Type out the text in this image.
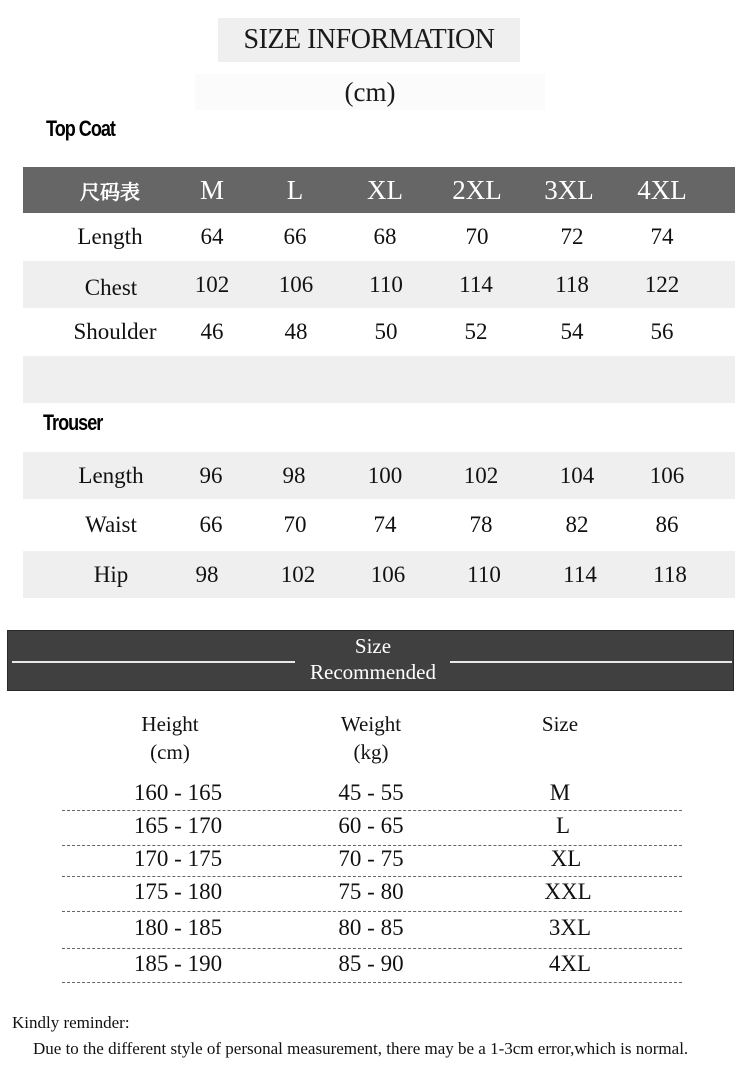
SIZE INFORMATION
(cm)
Top Coat
尺码表 M L XL 2XL 3XL 4XL
Length	64	66	68	70	72	74
Chest	102 106 110 114	118 122
Shoulder 46	48	50	52	54	56
Trouser
Length 96	98	100	102	104 106
Waist	66	70	74	78	82	86
Hip	98	102 106	110	114 118
Size
Recommended
Height
(cm)
Weight
(kg)
Size
160 - 165	45 - 55	M
165 - 170	60 - 65	L
170 - 175	70 - 75	XL
175 - 180	75 - 80	XXL
180 - 185	80 - 85	3XL
185 - 190	85 - 90	4XL
Kindly reminder:
Due to the different style of personal measurement, there may be a 1-3cm error,which is normal.
